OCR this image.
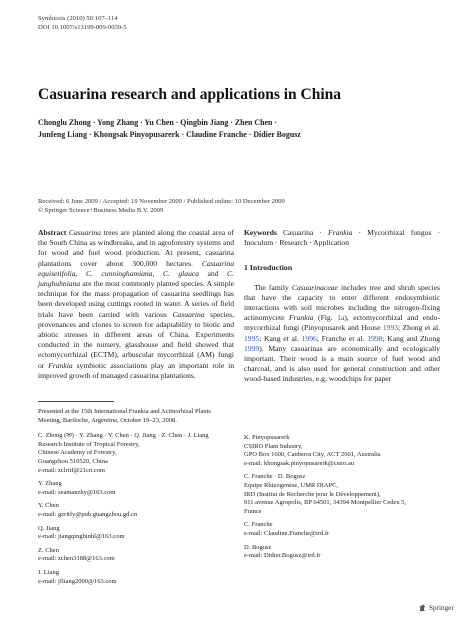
Symbiosis (2010) 50:107–114
DOI 10.1007/s13199-009-0039-5
Casuarina research and applications in China
Chonglu Zhong · Yong Zhang · Yu Chen · Qingbin Jiang · Zhen Chen ·
Junfeng Liang · Khongsak Pinyopusarerk · Claudine Franche · Didier Bogusz
Received: 6 June 2009 / Accepted: 19 November 2009 / Published online: 10 December 2009
© Springer Science+Business Media B.V. 2009
Abstract Casuarina trees are planted along the coastal area of the South China as windbreaks, and in agroforestry systems and for wood and fuel wood production. At present, casuarina plantations cover about 300,000 hectares. Casuarina equisetifolia, C. cunninghamiana, C. glauca and C. junghuhniana are the most commonly planted species. A simple technique for the mass propagation of casuarina seedlings has been developed using cuttings rooted in water. A series of field trials have been carried with various Casuarina species, provenances and clones to screen for adaptability to biotic and abiotic stresses in different areas of China. Experiments conducted in the nursery, glasshouse and field showed that ectomycorrhizal (ECTM), arbuscular mycorrhizal (AM) fungi or Frankia symbiotic associations play an important role in improved growth of managed casuarina plantations.
Keywords Casuarina · Frankia · Mycorrhizal fungus · Inoculum · Research · Application
1 Introduction
The family Casuarinaceae includes tree and shrub species that have the capacity to enter different endosymbiotic interactions with soil microbes including the nitrogen-fixing actinomycete Frankia (Fig. 1a), ectomycorrhizal and endo-mycorrhizal fungi (Pinyopusarek and House 1993; Zhong et al. 1995; Kang et al. 1996; Franche et al. 1998; Kang and Zhong 1999). Many casuarinas are economically and ecologically important. Their wood is a main source of fuel wood and charcoal, and is also used for general construction and other wood-based industries, e.g. woodchips for paper
Presented at the 15th International Frankia and Actinorhizal Plants Meeting, Bariloche, Argentina, October 19–23, 2008.
C. Zhong (✉) · Y. Zhang · Y. Chen · Q. Jiang · Z. Chen · J. Liang
Research Institute of Tropical Forestry,
Chinese Academy of Forestry,
Guangzhou 510520, China
e-mail: zclritf@21cn.com
Y. Zhang
e-mail: seamanzhy@163.com
Y. Chen
e-mail: gzritfy@pub.guangzhou.gd.cn
Q. Jiang
e-mail: jiangqingbinhl@163.com
Z. Chen
e-mail: zchen3188@163.com
J. Liang
e-mail: jfliang2000@163.com
K. Pinyopusarerk
CSIRO Plant Industry,
GPO Box 1600, Canberra City, ACT 2601, Australia
e-mail: khongsak.pinyopusarerk@csiro.au
C. Franche · D. Bogusz
Equipe Rhizogenèse, UMR DIAPC,
IRD (Institut de Recherche pour le Développement),
911 avenue Agropolis, BP 64501, 34394 Montpellier Cedex 5,
France
C. Franche
e-mail: Claudine.Franche@ird.fr
D. Bogusz
e-mail: Didier.Bogusz@ird.fr
Springer
